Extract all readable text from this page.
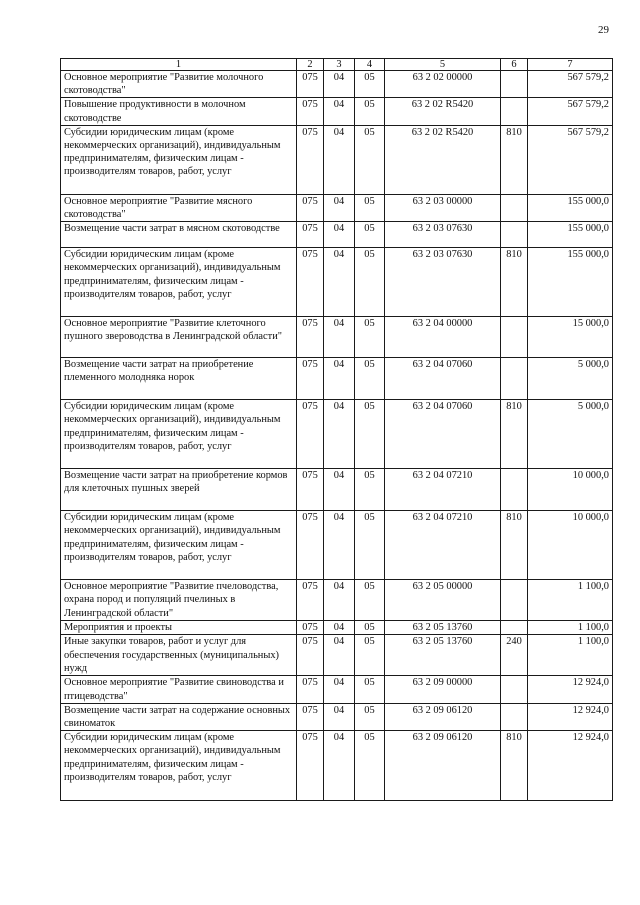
29
1	2	3	4	5	6	7
Основное мероприятие "Развитие молочного скотоводства"	075	04	05	63 2 02 00000		567 579,2
Повышение продуктивности в молочном скотоводстве	075	04	05	63 2 02 R5420		567 579,2
Субсидии юридическим лицам (кроме некоммерческих организаций), индивидуальным предпринимателям, физическим лицам - производителям товаров, работ, услуг	075	04	05	63 2 02 R5420	810	567 579,2
Основное мероприятие "Развитие мясного скотоводства"	075	04	05	63 2 03 00000		155 000,0
Возмещение части затрат в мясном скотоводстве	075	04	05	63 2 03 07630		155 000,0
Субсидии юридическим лицам (кроме некоммерческих организаций), индивидуальным предпринимателям, физическим лицам - производителям товаров, работ, услуг	075	04	05	63 2 03 07630	810	155 000,0
Основное мероприятие "Развитие клеточного пушного звероводства в Ленинградской области"	075	04	05	63 2 04 00000		15 000,0
Возмещение части затрат на приобретение племенного молодняка норок	075	04	05	63 2 04 07060		5 000,0
Субсидии юридическим лицам (кроме некоммерческих организаций), индивидуальным предпринимателям, физическим лицам - производителям товаров, работ, услуг	075	04	05	63 2 04 07060	810	5 000,0
Возмещение части затрат на приобретение кормов для клеточных пушных зверей	075	04	05	63 2 04 07210		10 000,0
Субсидии юридическим лицам (кроме некоммерческих организаций), индивидуальным предпринимателям, физическим лицам - производителям товаров, работ, услуг	075	04	05	63 2 04 07210	810	10 000,0
Основное мероприятие "Развитие пчеловодства, охрана пород и популяций пчелиных в Ленинградской области"	075	04	05	63 2 05 00000		1 100,0
Мероприятия и проекты	075	04	05	63 2 05 13760		1 100,0
Иные закупки товаров, работ и услуг для обеспечения государственных (муниципальных) нужд	075	04	05	63 2 05 13760	240	1 100,0
Основное мероприятие "Развитие свиноводства и птицеводства"	075	04	05	63 2 09 00000		12 924,0
Возмещение части затрат на содержание основных свиноматок	075	04	05	63 2 09 06120		12 924,0
Субсидии юридическим лицам (кроме некоммерческих организаций), индивидуальным предпринимателям, физическим лицам - производителям товаров, работ, услуг	075	04	05	63 2 09 06120	810	12 924,0
